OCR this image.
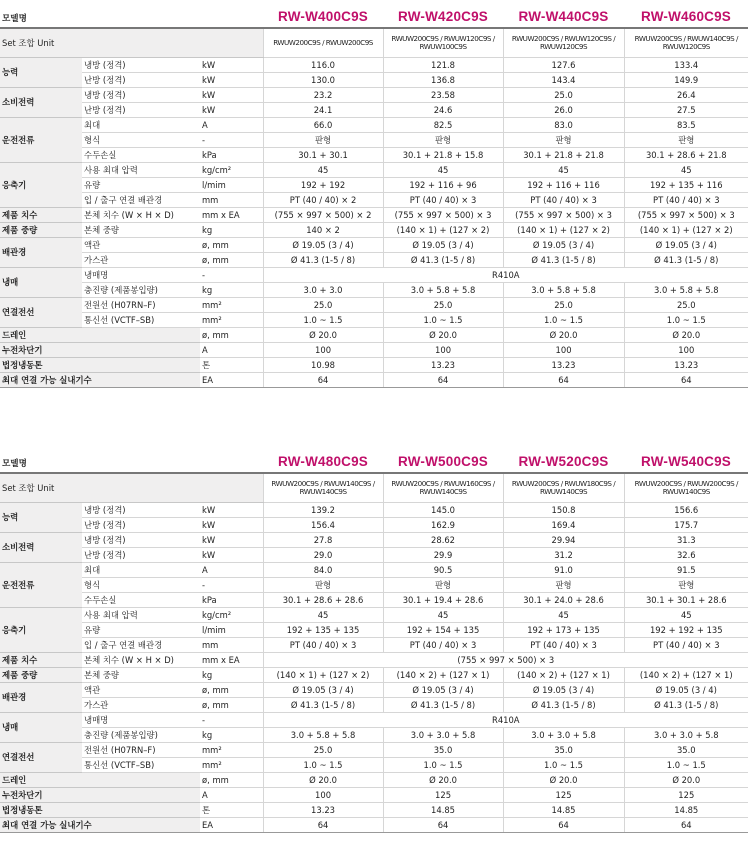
모델명			RW-W400C9S	RW-W420C9S	RW-W440C9S	RW-W460C9S
Set 조합 Unit			RWUW200C9S / RWUW200C9S	RWUW200C9S / RWUW120C9S / RWUW100C9S	RWUW200C9S / RWUW120C9S / RWUW120C9S	RWUW200C9S / RWUW140C9S / RWUW120C9S
능력	냉방 (정격)	kW	116.0	121.8	127.6	133.4
	난방 (정격)	kW	130.0	136.8	143.4	149.9
소비전력	냉방 (정격)	kW	23.2	23.58	25.0	26.4
	난방 (정격)	kW	24.1	24.6	26.0	27.5
운전전류	최대	A	66.0	82.5	83.0	83.5
	형식	-	판형	판형	판형	판형
	수두손실	kPa	30.1 + 30.1	30.1 + 21.8 + 15.8	30.1 + 21.8 + 21.8	30.1 + 28.6 + 21.8
응축기	사용 최대 압력	kg/cm²	45	45	45	45
	유량	l/mim	192 + 192	192 + 116 + 96	192 + 116 + 116	192 + 135 + 116
	입 / 출구 연결 배관경	mm	PT (40 / 40) × 2	PT (40 / 40) × 3	PT (40 / 40) × 3	PT (40 / 40) × 3
제품 치수	본체 치수 (W × H × D)	mm x EA	(755 × 997 × 500) × 2	(755 × 997 × 500) × 3	(755 × 997 × 500) × 3	(755 × 997 × 500) × 3
제품 중량	본체 중량	kg	140 × 2	(140 × 1) + (127 × 2)	(140 × 1) + (127 × 2)	(140 × 1) + (127 × 2)
배관경	액관	ø, mm	Ø 19.05 (3 / 4)	Ø 19.05 (3 / 4)	Ø 19.05 (3 / 4)	Ø 19.05 (3 / 4)
	가스관	ø, mm	Ø 41.3 (1-5 / 8)	Ø 41.3 (1-5 / 8)	Ø 41.3 (1-5 / 8)	Ø 41.3 (1-5 / 8)
냉매	냉매명	-	R410A			
	충진량 (제품봉입량)	kg	3.0 + 3.0	3.0 + 5.8 + 5.8	3.0 + 5.8 + 5.8	3.0 + 5.8 + 5.8
연결전선	전원선 (H07RN–F)	mm²	25.0	25.0	25.0	25.0
	통신선 (VCTF–SB)	mm²	1.0 ~ 1.5	1.0 ~ 1.5	1.0 ~ 1.5	1.0 ~ 1.5
드레인		ø, mm	Ø 20.0	Ø 20.0	Ø 20.0	Ø 20.0
누전차단기		A	100	100	100	100
법정냉동톤		톤	10.98	13.23	13.23	13.23
최대 연결 가능 실내기수		EA	64	64	64	64
모델명			RW-W480C9S	RW-W500C9S	RW-W520C9S	RW-W540C9S
Set 조합 Unit			RWUW200C9S / RWUW140C9S / RWUW140C9S	RWUW200C9S / RWUW160C9S / RWUW140C9S	RWUW200C9S / RWUW180C9S / RWUW140C9S	RWUW200C9S / RWUW200C9S / RWUW140C9S
능력	냉방 (정격)	kW	139.2	145.0	150.8	156.6
	난방 (정격)	kW	156.4	162.9	169.4	175.7
소비전력	냉방 (정격)	kW	27.8	28.62	29.94	31.3
	난방 (정격)	kW	29.0	29.9	31.2	32.6
운전전류	최대	A	84.0	90.5	91.0	91.5
	형식	-	판형	판형	판형	판형
	수두손실	kPa	30.1 + 28.6 + 28.6	30.1 + 19.4 + 28.6	30.1 + 24.0 + 28.6	30.1 + 30.1 + 28.6
응축기	사용 최대 압력	kg/cm²	45	45	45	45
	유량	l/mim	192 + 135 + 135	192 + 154 + 135	192 + 173 + 135	192 + 192 + 135
	입 / 출구 연결 배관경	mm	PT (40 / 40) × 3	PT (40 / 40) × 3	PT (40 / 40) × 3	PT (40 / 40) × 3
제품 치수	본체 치수 (W × H × D)	mm x EA	(755 × 997 × 500) × 3			
제품 중량	본체 중량	kg	(140 × 1) + (127 × 2)	(140 × 2) + (127 × 1)	(140 × 2) + (127 × 1)	(140 × 2) + (127 × 1)
배관경	액관	ø, mm	Ø 19.05 (3 / 4)	Ø 19.05 (3 / 4)	Ø 19.05 (3 / 4)	Ø 19.05 (3 / 4)
	가스관	ø, mm	Ø 41.3 (1-5 / 8)	Ø 41.3 (1-5 / 8)	Ø 41.3 (1-5 / 8)	Ø 41.3 (1-5 / 8)
냉매	냉매명	-	R410A			
	충진량 (제품봉입량)	kg	3.0 + 5.8 + 5.8	3.0 + 3.0 + 5.8	3.0 + 3.0 + 5.8	3.0 + 3.0 + 5.8
연결전선	전원선 (H07RN–F)	mm²	25.0	35.0	35.0	35.0
	통신선 (VCTF–SB)	mm²	1.0 ~ 1.5	1.0 ~ 1.5	1.0 ~ 1.5	1.0 ~ 1.5
드레인		ø, mm	Ø 20.0	Ø 20.0	Ø 20.0	Ø 20.0
누전차단기		A	100	125	125	125
법정냉동톤		톤	13.23	14.85	14.85	14.85
최대 연결 가능 실내기수		EA	64	64	64	64
